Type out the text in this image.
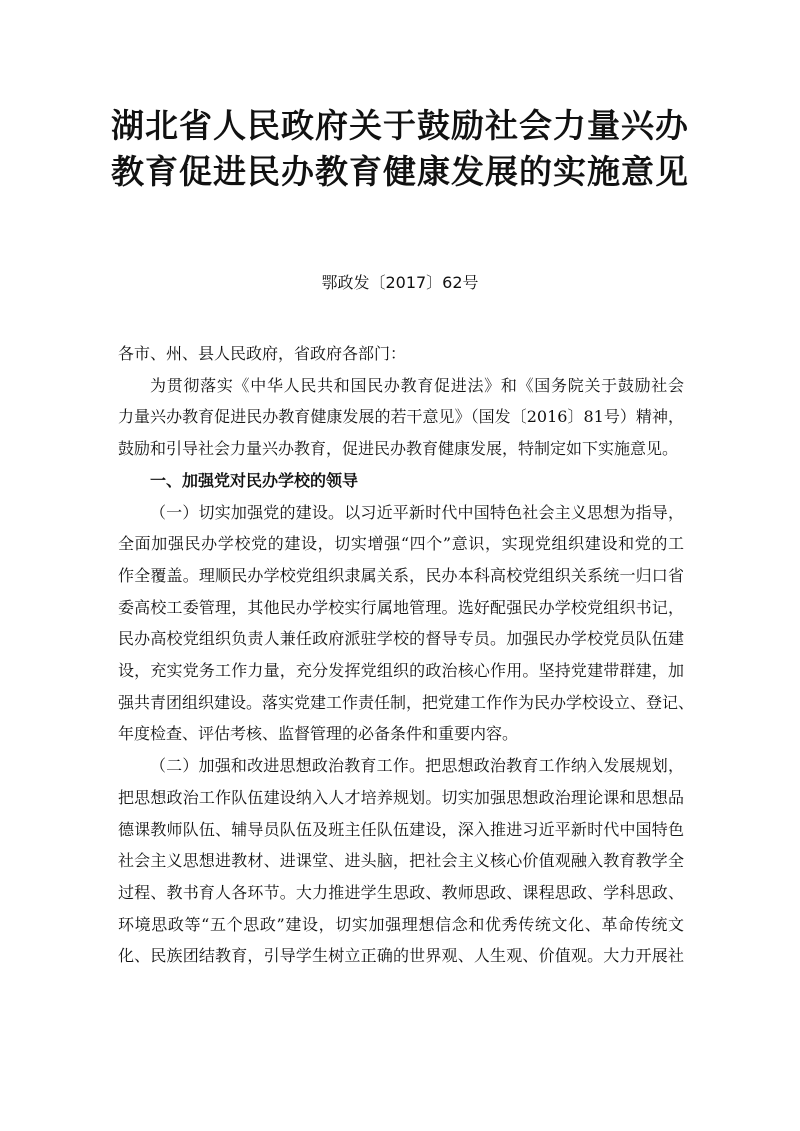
湖北省人民政府关于鼓励社会力量兴办
教育促进民办教育健康发展的实施意见
鄂政发〔2017〕62号

各市、州、县人民政府，省政府各部门：

为贯彻落实《中华人民共和国民办教育促进法》和《国务院关于鼓励社会
力量兴办教育促进民办教育健康发展的若干意见》（国发〔2016〕81号）精神，
鼓励和引导社会力量兴办教育，促进民办教育健康发展，特制定如下实施意见。

一、加强党对民办学校的领导

（一）切实加强党的建设。以习近平新时代中国特色社会主义思想为指导，
全面加强民办学校党的建设，切实增强“四个”意识，实现党组织建设和党的工
作全覆盖。理顺民办学校党组织隶属关系，民办本科高校党组织关系统一归口省
委高校工委管理，其他民办学校实行属地管理。选好配强民办学校党组织书记，
民办高校党组织负责人兼任政府派驻学校的督导专员。加强民办学校党员队伍建
设，充实党务工作力量，充分发挥党组织的政治核心作用。坚持党建带群建，加
强共青团组织建设。落实党建工作责任制，把党建工作作为民办学校设立、登记、
年度检查、评估考核、监督管理的必备条件和重要内容。
（二）加强和改进思想政治教育工作。把思想政治教育工作纳入发展规划，
把思想政治工作队伍建设纳入人才培养规划。切实加强思想政治理论课和思想品
德课教师队伍、辅导员队伍及班主任队伍建设，深入推进习近平新时代中国特色
社会主义思想进教材、进课堂、进头脑，把社会主义核心价值观融入教育教学全
过程、教书育人各环节。大力推进学生思政、教师思政、课程思政、学科思政、
环境思政等“五个思政”建设，切实加强理想信念和优秀传统文化、革命传统文
化、民族团结教育，引导学生树立正确的世界观、人生观、价值观。大力开展社
